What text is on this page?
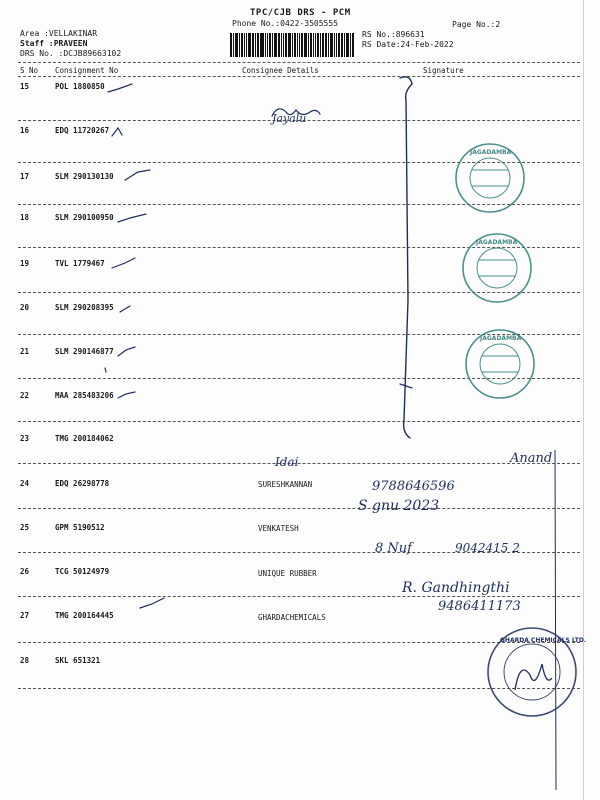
TPC/CJB DRS - PCM
Phone No.:0422-3505555	Page No.:2
Area :VELLAKINAR
Staff :PRAVEEN
DRS No. :DCJB89663102
RS No.:896631
RS Date:24-Feb-2022
S No Consignment No	Consignee Details	Signature
15	POL 1880850
16	EDQ 11720267
17	SLM 290130130
18	SLM 290100950
19	TVL 1779467
20	SLM 290208395
21	SLM 290146877
22	MAA 285483206
23	TMG 200184062
24	EDQ 26298778	SURESHKANNAN
25	GPM 5190512	VENKATESH
26	TCG 50124979	UNIQUE RUBBER
27	TMG 200164445	GHARDACHEMICALS
28	SKL 651321
Jayalu
Idai	Anand
9788646596
S gnu 2023
8 Nuf	9042415 2
R. Gandhingthi
9486411173
JAGADAMBA
JAGADAMBA
JAGADAMBA
GHARDA CHEMICALS LTD.
